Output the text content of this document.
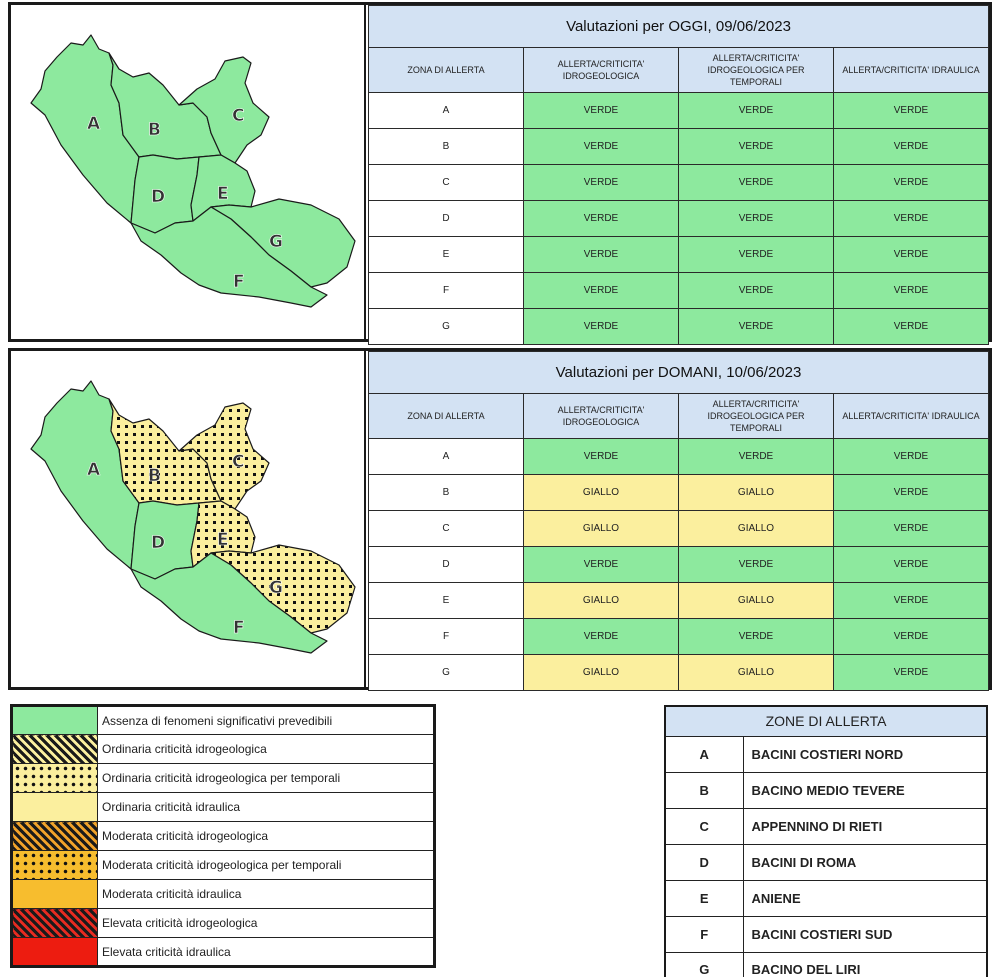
A	B
C
D	E
G
F
Valutazioni per OGGI, 09/06/2023			
ZONA DI ALLERTA	ALLERTA/CRITICITA' IDROGEOLOGICA	ALLERTA/CRITICITA' IDROGEOLOGICA PER TEMPORALI	ALLERTA/CRITICITA' IDRAULICA
A	VERDE	VERDE	VERDE
B	VERDE	VERDE	VERDE
C	VERDE	VERDE	VERDE
D	VERDE	VERDE	VERDE
E	VERDE	VERDE	VERDE
F	VERDE	VERDE	VERDE
G	VERDE	VERDE	VERDE
A	B
C
D	E
G
F
Valutazioni per DOMANI, 10/06/2023			
ZONA DI ALLERTA	ALLERTA/CRITICITA' IDROGEOLOGICA	ALLERTA/CRITICITA' IDROGEOLOGICA PER TEMPORALI	ALLERTA/CRITICITA' IDRAULICA
A	VERDE	VERDE	VERDE
B	GIALLO	GIALLO	VERDE
C	GIALLO	GIALLO	VERDE
D	VERDE	VERDE	VERDE
E	GIALLO	GIALLO	VERDE
F	VERDE	VERDE	VERDE
G	GIALLO	GIALLO	VERDE
	Assenza di fenomeni significativi prevedibili
	Ordinaria criticità idrogeologica
	Ordinaria criticità idrogeologica per temporali
	Ordinaria criticità idraulica
	Moderata criticità idrogeologica
	Moderata criticità idrogeologica per temporali
	Moderata criticità idraulica
	Elevata criticità idrogeologica
	Elevata criticità idraulica
ZONE DI ALLERTA	
A	BACINI COSTIERI NORD
B	BACINO MEDIO TEVERE
C	APPENNINO DI RIETI
D	BACINI DI ROMA
E	ANIENE
F	BACINI COSTIERI SUD
G	BACINO DEL LIRI
